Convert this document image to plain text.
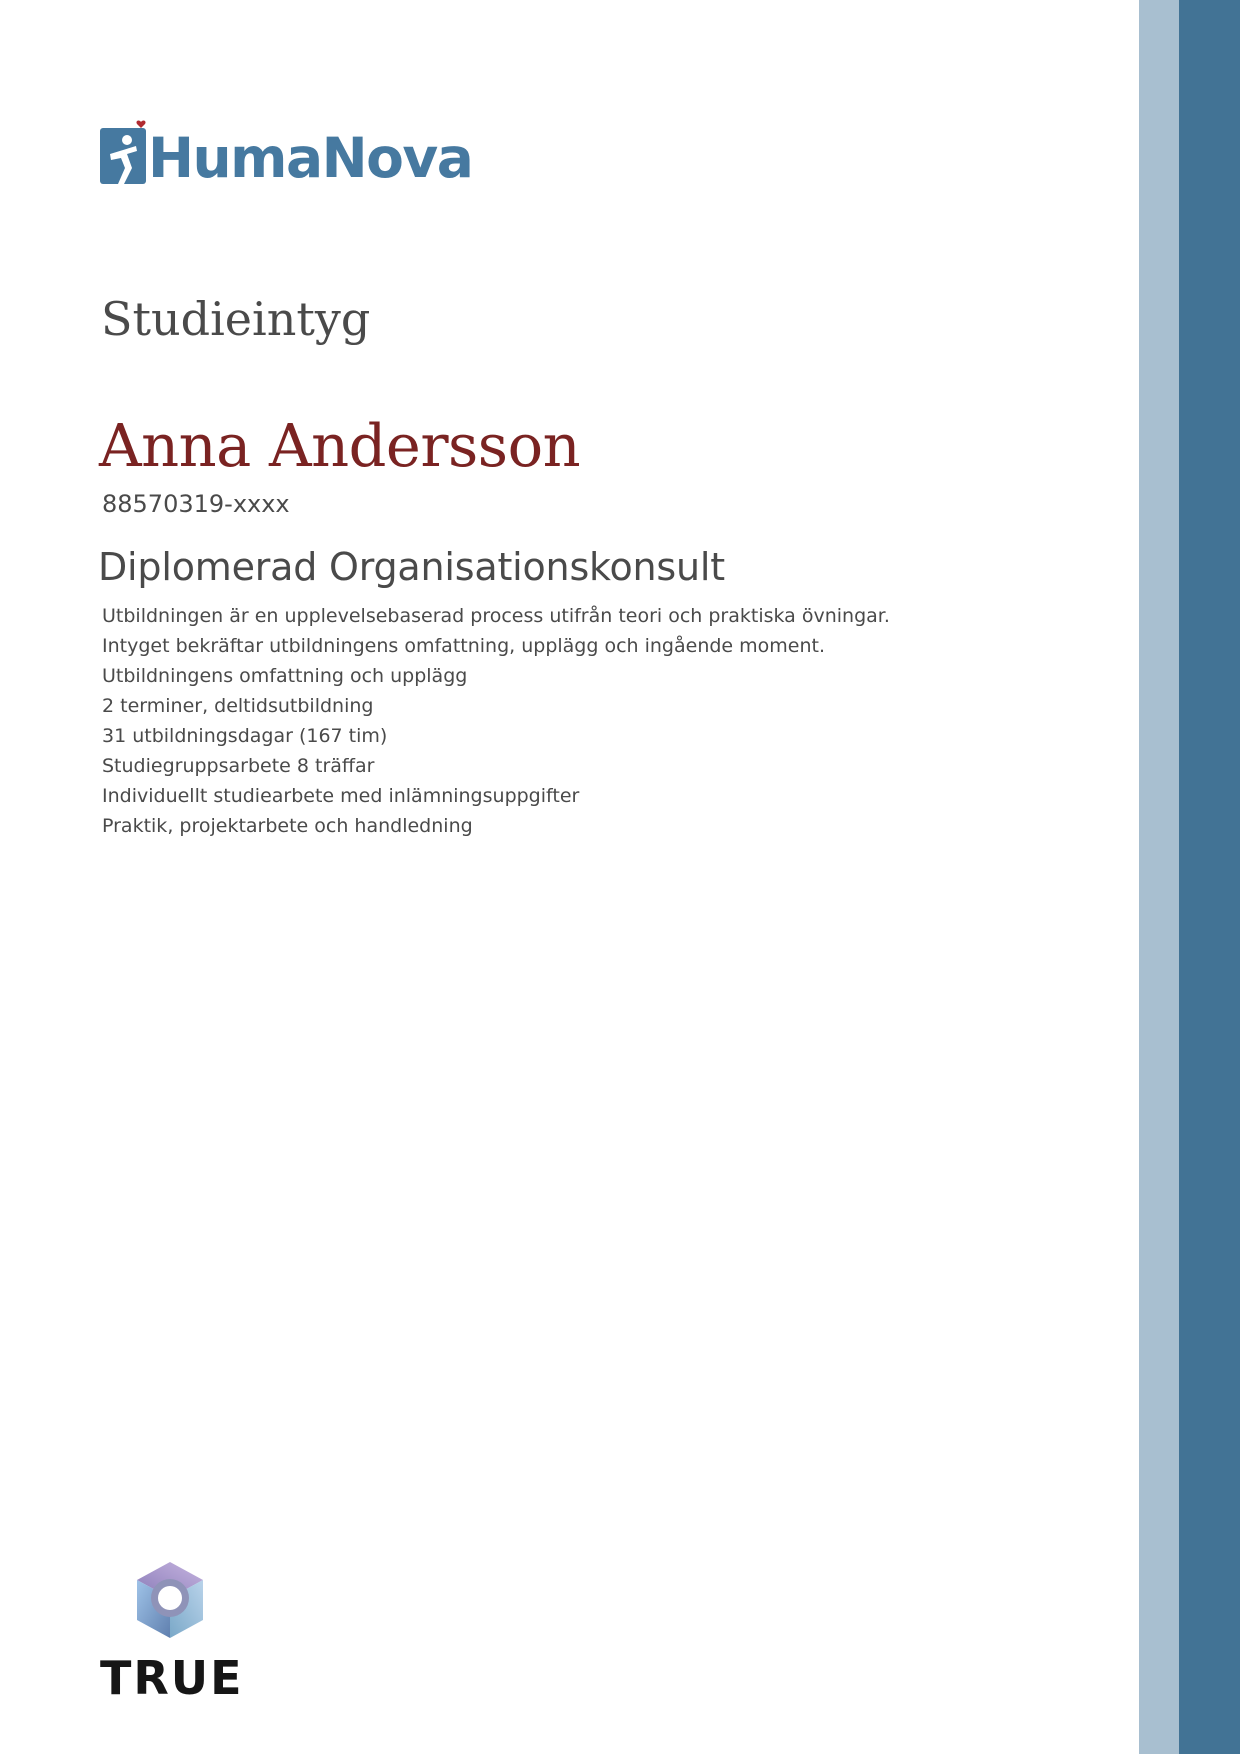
HumaNova
Studieintyg
Anna Andersson
88570319-xxxx
Diplomerad Organisationskonsult
Utbildningen är en upplevelsebaserad process utifrån teori och praktiska övningar.
Intyget bekräftar utbildningens omfattning, upplägg och ingående moment.
Utbildningens omfattning och upplägg
2 terminer, deltidsutbildning
31 utbildningsdagar (167 tim)
Studiegruppsarbete 8 träffar
Individuellt studiearbete med inlämningsuppgifter
Praktik, projektarbete och handledning
TRUE
